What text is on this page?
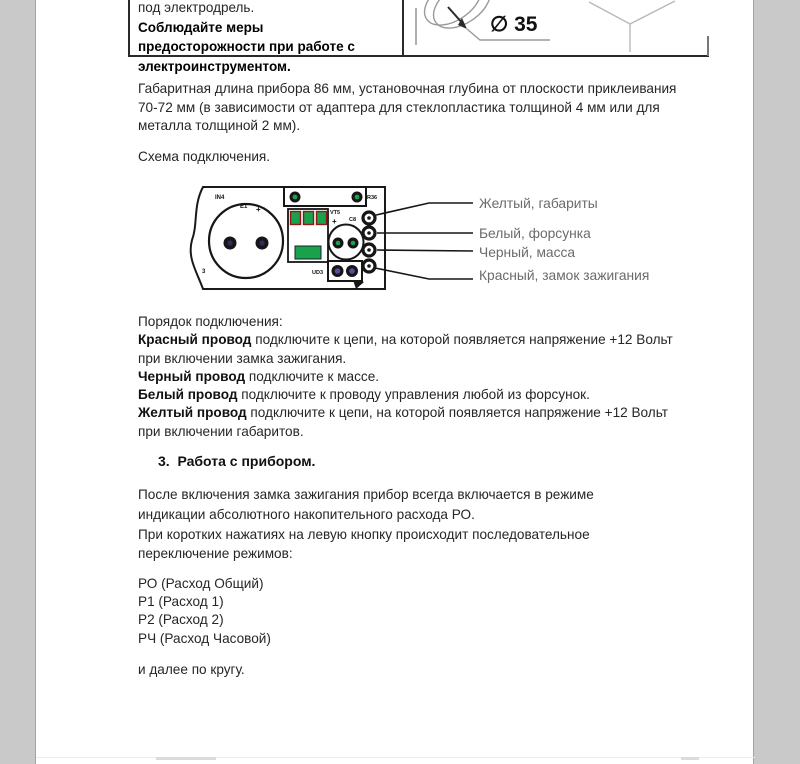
под электродрель.
Соблюдайте меры предосторожности при работе с электроинструментом.
∅ 35
Габаритная длина прибора 86 мм, установочная глубина от плоскости приклеивания 70-72 мм (в зависимости от адаптера для стеклопластика толщиной 4 мм или для металла толщиной 2 мм).
Схема подключения.
R36
IN4
Е1 +
3
VT5
+ C8
UD3
Желтый, габариты
Белый, форсунка
Черный, масса
Красный, замок зажигания
Порядок подключения:
Красный провод подключите к цепи, на которой появляется напряжение +12 Вольт при включении замка зажигания.
Черный провод подключите к массе.
Белый провод подключите к проводу управления любой из форсунок.
Желтый провод подключите к цепи, на которой появляется напряжение +12 Вольт при включении габаритов.
3. Работа с прибором.
После включения замка зажигания прибор всегда включается в режиме индикации абсолютного накопительного расхода РО.
При коротких нажатиях на левую кнопку происходит последовательное переключение режимов:
РО (Расход Общий)
Р1 (Расход 1)
Р2 (Расход 2)
РЧ (Расход Часовой)
и далее по кругу.
